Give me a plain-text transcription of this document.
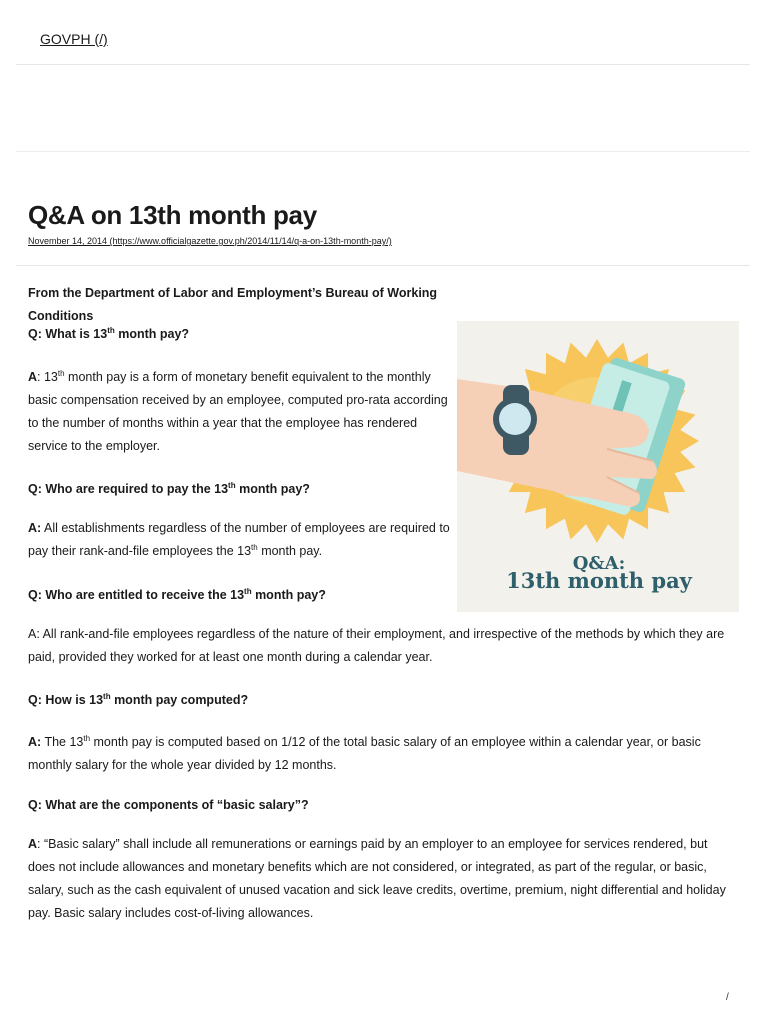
GOVPH (/)
Q&A on 13th month pay
November 14, 2014 (https://www.officialgazette.gov.ph/2014/11/14/q-a-on-13th-month-pay/)

From the Department of Labor and Employment’s Bureau of Working Conditions

Q: What is 13th month pay?

A: 13th month pay is a form of monetary benefit equivalent to the monthly basic compensation received by an employee, computed pro-rata according to the number of months within a year that the employee has rendered service to the employer.

Q: Who are required to pay the 13th month pay?

A: All establishments regardless of the number of employees are required to pay their rank-and-file employees the 13th month pay.

Q: Who are entitled to receive the 13th month pay?

A: All rank-and-file employees regardless of the nature of their employment, and irrespective of the methods by which they are paid, provided they worked for at least one month during a calendar year.

Q: How is 13th month pay computed?

A: The 13th month pay is computed based on 1/12 of the total basic salary of an employee within a calendar year, or basic monthly salary for the whole year divided by 12 months.

Q: What are the components of “basic salary”?

A: “Basic salary” shall include all remunerations or earnings paid by an employer to an employee for services rendered, but does not include allowances and monetary benefits which are not considered, or integrated, as part of the regular, or basic, salary, such as the cash equivalent of unused vacation and sick leave credits, overtime, premium, night differential and holiday pay. Basic salary includes cost-of-living allowances.

Q&A:
13th month pay
/
